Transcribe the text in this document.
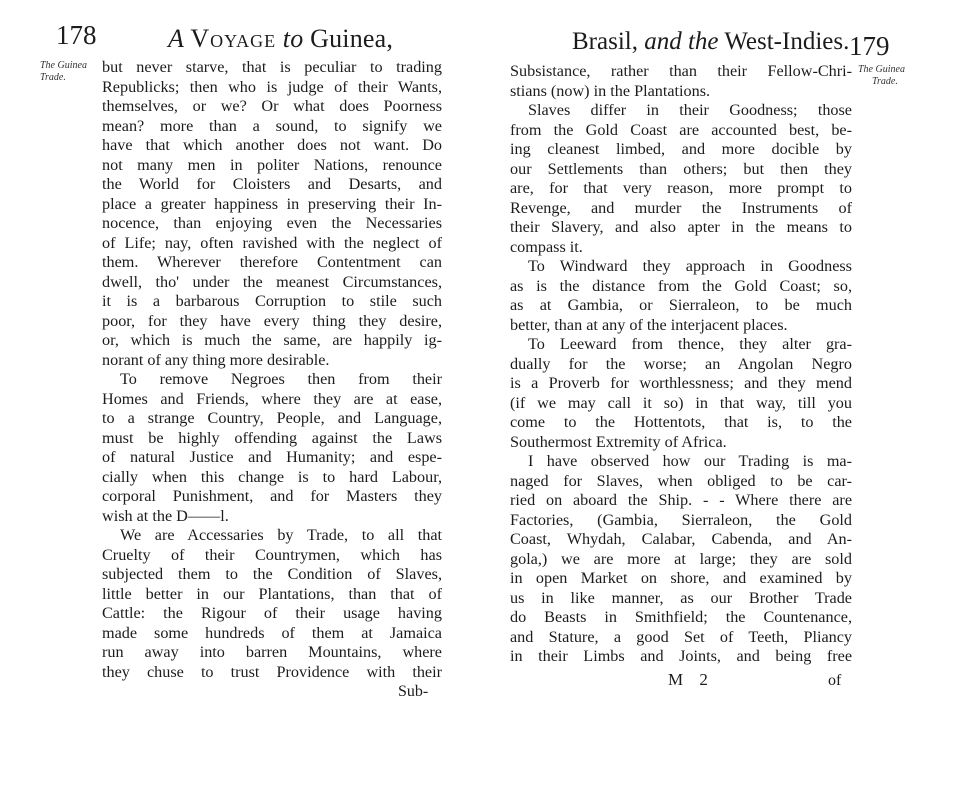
178	A Voyage to Guinea,
The Guinea
Trade.
but never starve, that is peculiar to trading
Republicks; then who is judge of their Wants,
themselves, or we? Or what does Poorness
mean? more than a sound, to signify we
have that which another does not want. Do
not many men in politer Nations, renounce
the World for Cloisters and Desarts, and
place a greater happiness in preserving their In-
nocence, than enjoying even the Necessaries
of Life; nay, often ravished with the neglect of
them. Wherever therefore Contentment can
dwell, tho' under the meanest Circumstances,
it is a barbarous Corruption to stile such
poor, for they have every thing they desire,
or, which is much the same, are happily ig-
norant of any thing more desirable.
To remove Negroes then from their
Homes and Friends, where they are at ease,
to a strange Country, People, and Language,
must be highly offending against the Laws
of natural Justice and Humanity; and espe-
cially when this change is to hard Labour,
corporal Punishment, and for Masters they
wish at the D——l.
We are Accessaries by Trade, to all that
Cruelty of their Countrymen, which has
subjected them to the Condition of Slaves,
little better in our Plantations, than that of
Cattle: the Rigour of their usage having
made some hundreds of them at Jamaica
run away into barren Mountains, where
they chuse to trust Providence with their
Sub-
Brasil, and the West-Indies. 179
The Guinea
Trade.
Subsistance, rather than their Fellow-Chri-
stians (now) in the Plantations.
Slaves differ in their Goodness; those
from the Gold Coast are accounted best, be-
ing cleanest limbed, and more docible by
our Settlements than others; but then they
are, for that very reason, more prompt to
Revenge, and murder the Instruments of
their Slavery, and also apter in the means to
compass it.
To Windward they approach in Goodness
as is the distance from the Gold Coast; so,
as at Gambia, or Sierraleon, to be much
better, than at any of the interjacent places.
To Leeward from thence, they alter gra-
dually for the worse; an Angolan Negro
is a Proverb for worthlessness; and they mend
(if we may call it so) in that way, till you
come to the Hottentots, that is, to the
Southermost Extremity of Africa.
I have observed how our Trading is ma-
naged for Slaves, when obliged to be car-
ried on aboard the Ship. - - Where there are
Factories, (Gambia, Sierraleon, the Gold
Coast, Whydah, Calabar, Cabenda, and An-
gola,) we are more at large; they are sold
in open Market on shore, and examined by
us in like manner, as our Brother Trade
do Beasts in Smithfield; the Countenance,
and Stature, a good Set of Teeth, Pliancy
in their Limbs and Joints, and being free
M 2	of
